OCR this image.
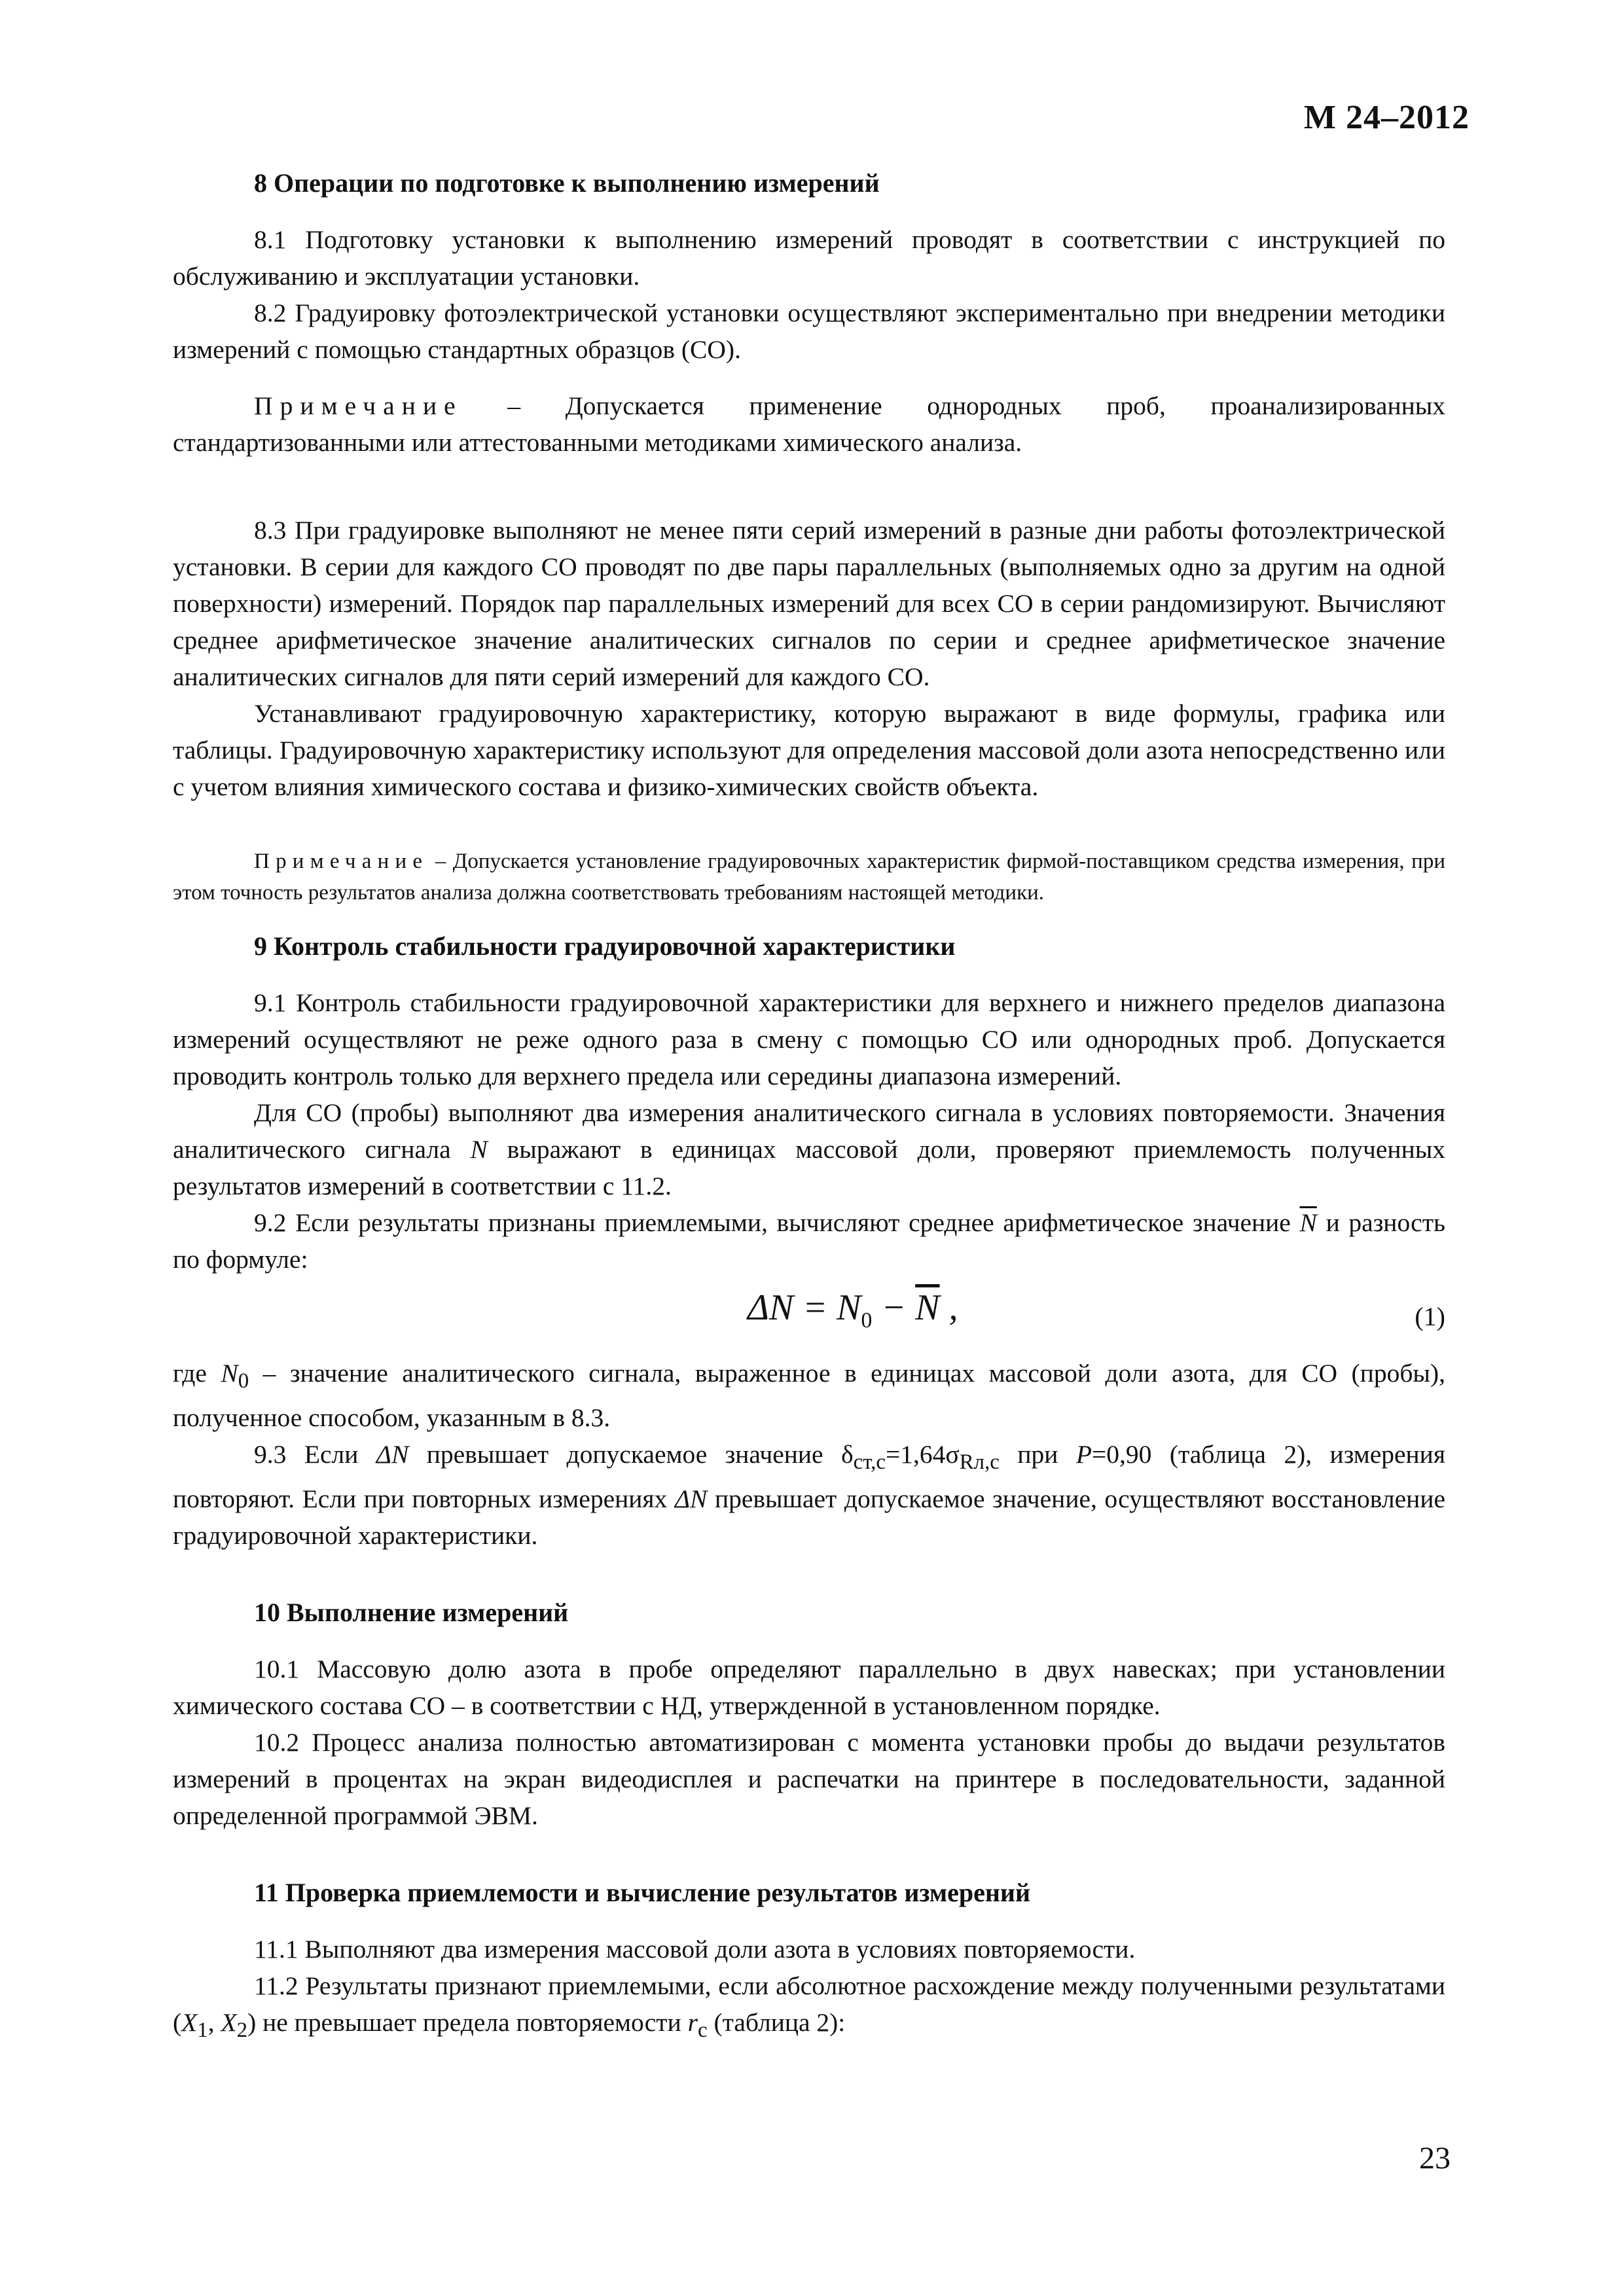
М 24–2012
8 Операции по подготовке к выполнению измерений

8.1 Подготовку установки к выполнению измерений проводят в соответствии с инструкцией по обслуживанию и эксплуатации установки.

8.2 Градуировку фотоэлектрической установки осуществляют экспериментально при внедрении методики измерений с помощью стандартных образцов (СО).

Примечание – Допускается применение однородных проб, проанализированных стандартизованными или аттестованными методиками химического анализа.

8.3 При градуировке выполняют не менее пяти серий измерений в разные дни работы фотоэлектрической установки. В серии для каждого СО проводят по две пары параллельных (выполняемых одно за другим на одной поверхности) измерений. Порядок пар параллельных измерений для всех СО в серии рандомизируют. Вычисляют среднее арифметическое значение аналитических сигналов по серии и среднее арифметическое значение аналитических сигналов для пяти серий измерений для каждого СО.

Устанавливают градуировочную характеристику, которую выражают в виде формулы, графика или таблицы. Градуировочную характеристику используют для определения массовой доли азота непосредственно или с учетом влияния химического состава и физико-химических свойств объекта.

Примечание – Допускается установление градуировочных характеристик фирмой-поставщиком средства измерения, при этом точность результатов анализа должна соответствовать требованиям настоящей методики.

9 Контроль стабильности градуировочной характеристики

9.1 Контроль стабильности градуировочной характеристики для верхнего и нижнего пределов диапазона измерений осуществляют не реже одного раза в смену с помощью СО или однородных проб. Допускается проводить контроль только для верхнего предела или середины диапазона измерений.

Для СО (пробы) выполняют два измерения аналитического сигнала в условиях повторяемости. Значения аналитического сигнала N выражают в единицах массовой доли, проверяют приемлемость полученных результатов измерений в соответствии с 11.2.

9.2 Если результаты признаны приемлемыми, вычисляют среднее арифметическое значение $\overline{N}$ и разность по формуле:

$\Delta N = N_0 - \overline{N}$ ,	(1)

где $N_0$ – значение аналитического сигнала, выраженное в единицах массовой доли азота, для СО (пробы), полученное способом, указанным в 8.3.

9.3 Если ΔN превышает допускаемое значение $\delta_{ст,с}=1,64\sigma_{Rл,с}$ при P=0,90 (таблица 2), измерения повторяют. Если при повторных измерениях ΔN превышает допускаемое значение, осуществляют восстановление градуировочной характеристики.

10 Выполнение измерений

10.1 Массовую долю азота в пробе определяют параллельно в двух навесках; при установлении химического состава СО – в соответствии с НД, утвержденной в установленном порядке.

10.2 Процесс анализа полностью автоматизирован с момента установки пробы до выдачи результатов измерений в процентах на экран видеодисплея и распечатки на принтере в последовательности, заданной определенной программой ЭВМ.

11 Проверка приемлемости и вычисление результатов измерений

11.1 Выполняют два измерения массовой доли азота в условиях повторяемости.

11.2 Результаты признают приемлемыми, если абсолютное расхождение между полученными результатами ($X_1$, $X_2$) не превышает предела повторяемости $r_с$ (таблица 2):

23
